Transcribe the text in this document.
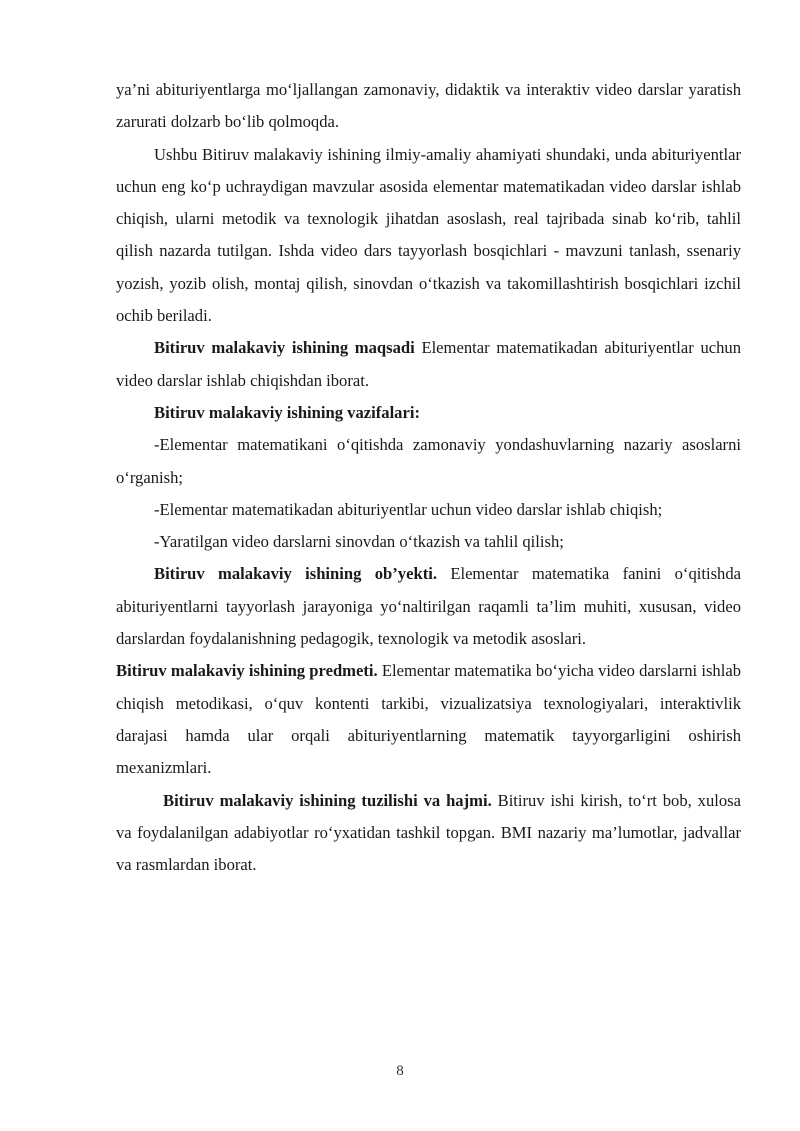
ya’ni abituriyentlarga mo‘ljallangan zamonaviy, didaktik va interaktiv video darslar yaratish zarurati dolzarb bo‘lib qolmoqda.

Ushbu Bitiruv malakaviy ishining ilmiy-amaliy ahamiyati shundaki, unda abituriyentlar uchun eng ko‘p uchraydigan mavzular asosida elementar matematikadan video darslar ishlab chiqish, ularni metodik va texnologik jihatdan asoslash, real tajribada sinab ko‘rib, tahlil qilish nazarda tutilgan. Ishda video dars tayyorlash bosqichlari - mavzuni tanlash, ssenariy yozish, yozib olish, montaj qilish, sinovdan o‘tkazish va takomillashtirish bosqichlari izchil ochib beriladi.

Bitiruv malakaviy ishining maqsadi Elementar matematikadan abituriyentlar uchun video darslar ishlab chiqishdan iborat.

Bitiruv malakaviy ishining vazifalari:

-Elementar matematikani o‘qitishda zamonaviy yondashuvlarning nazariy asoslarni o‘rganish;

-Elementar matematikadan abituriyentlar uchun video darslar ishlab chiqish;

-Yaratilgan video darslarni sinovdan o‘tkazish va tahlil qilish;

Bitiruv malakaviy ishining ob’yekti. Elementar matematika fanini o‘qitishda abituriyentlarni tayyorlash jarayoniga yo‘naltirilgan raqamli ta’lim muhiti, xususan, video darslardan foydalanishning pedagogik, texnologik va metodik asoslari.

Bitiruv malakaviy ishining predmeti. Elementar matematika bo‘yicha video darslarni ishlab chiqish metodikasi, o‘quv kontenti tarkibi, vizualizatsiya texnologiyalari, interaktivlik darajasi hamda ular orqali abituriyentlarning matematik tayyorgarligini oshirish mexanizmlari.

Bitiruv malakaviy ishining tuzilishi va hajmi. Bitiruv ishi kirish, to‘rt bob, xulosa va foydalanilgan adabiyotlar ro‘yxatidan tashkil topgan. BMI nazariy ma’lumotlar, jadvallar va rasmlardan iborat.

8
